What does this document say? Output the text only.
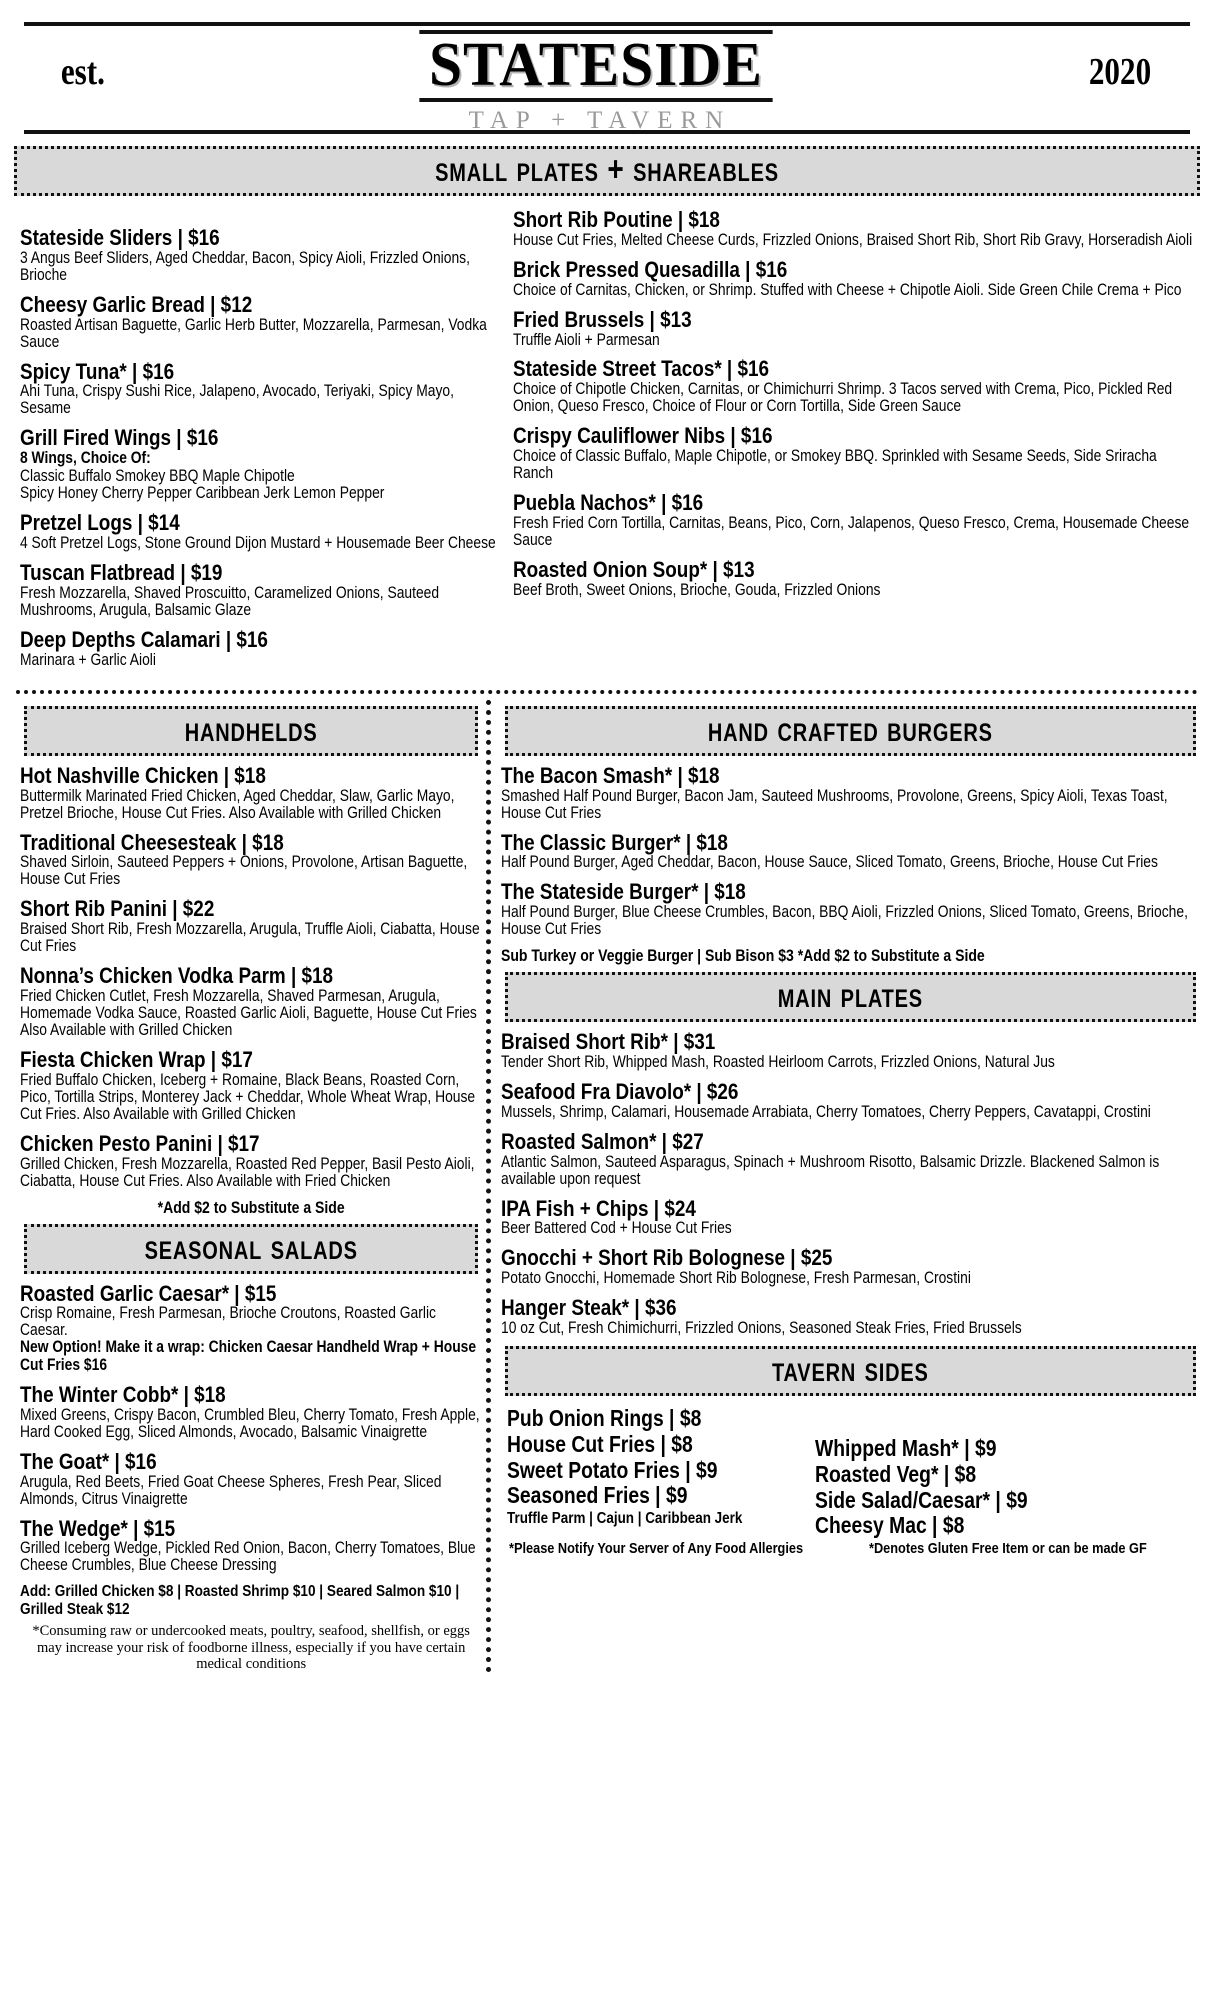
est.	STATESIDE
TAP + TAVERN
2020
small plates + shareables
Stateside Sliders | $16
3 Angus Beef Sliders, Aged Cheddar, Bacon, Spicy Aioli, Frizzled Onions, Brioche
Cheesy Garlic Bread | $12
Roasted Artisan Baguette, Garlic Herb Butter, Mozzarella, Parmesan, Vodka Sauce
Spicy Tuna* | $16
Ahi Tuna, Crispy Sushi Rice, Jalapeno, Avocado, Teriyaki, Spicy Mayo, Sesame
Grill Fired Wings | $16
8 Wings, Choice Of:
Classic Buffalo Smokey BBQ Maple Chipotle
Spicy Honey Cherry Pepper Caribbean Jerk Lemon Pepper
Pretzel Logs | $14
4 Soft Pretzel Logs, Stone Ground Dijon Mustard + Housemade Beer Cheese
Tuscan Flatbread | $19
Fresh Mozzarella, Shaved Proscuitto, Caramelized Onions, Sauteed Mushrooms, Arugula, Balsamic Glaze
Deep Depths Calamari | $16
Marinara + Garlic Aioli
Short Rib Poutine | $18
House Cut Fries, Melted Cheese Curds, Frizzled Onions, Braised Short Rib, Short Rib Gravy, Horseradish Aioli
Brick Pressed Quesadilla | $16
Choice of Carnitas, Chicken, or Shrimp. Stuffed with Cheese + Chipotle Aioli. Side Green Chile Crema + Pico
Fried Brussels | $13
Truffle Aioli + Parmesan
Stateside Street Tacos* | $16
Choice of Chipotle Chicken, Carnitas, or Chimichurri Shrimp. 3 Tacos served with Crema, Pico, Pickled Red Onion, Queso Fresco, Choice of Flour or Corn Tortilla, Side Green Sauce
Crispy Cauliflower Nibs | $16
Choice of Classic Buffalo, Maple Chipotle, or Smokey BBQ. Sprinkled with Sesame Seeds, Side Sriracha Ranch
Puebla Nachos* | $16
Fresh Fried Corn Tortilla, Carnitas, Beans, Pico, Corn, Jalapenos, Queso Fresco, Crema, Housemade Cheese Sauce
Roasted Onion Soup* | $13
Beef Broth, Sweet Onions, Brioche, Gouda, Frizzled Onions
handhelds
Hot Nashville Chicken | $18
Buttermilk Marinated Fried Chicken, Aged Cheddar, Slaw, Garlic Mayo, Pretzel Brioche, House Cut Fries. Also Available with Grilled Chicken
Traditional Cheesesteak | $18
Shaved Sirloin, Sauteed Peppers + Onions, Provolone, Artisan Baguette, House Cut Fries
Short Rib Panini | $22
Braised Short Rib, Fresh Mozzarella, Arugula, Truffle Aioli, Ciabatta, House Cut Fries
Nonna’s Chicken Vodka Parm | $18
Fried Chicken Cutlet, Fresh Mozzarella, Shaved Parmesan, Arugula, Homemade Vodka Sauce, Roasted Garlic Aioli, Baguette, House Cut Fries Also Available with Grilled Chicken
Fiesta Chicken Wrap | $17
Fried Buffalo Chicken, Iceberg + Romaine, Black Beans, Roasted Corn, Pico, Tortilla Strips, Monterey Jack + Cheddar, Whole Wheat Wrap, House Cut Fries. Also Available with Grilled Chicken
Chicken Pesto Panini | $17
Grilled Chicken, Fresh Mozzarella, Roasted Red Pepper, Basil Pesto Aioli, Ciabatta, House Cut Fries. Also Available with Fried Chicken
*Add $2 to Substitute a Side
seasonal salads
Roasted Garlic Caesar* | $15
Crisp Romaine, Fresh Parmesan, Brioche Croutons, Roasted Garlic Caesar.
New Option! Make it a wrap: Chicken Caesar Handheld Wrap + House Cut Fries $16
The Winter Cobb* | $18
Mixed Greens, Crispy Bacon, Crumbled Bleu, Cherry Tomato, Fresh Apple, Hard Cooked Egg, Sliced Almonds, Avocado, Balsamic Vinaigrette
The Goat* | $16
Arugula, Red Beets, Fried Goat Cheese Spheres, Fresh Pear, Sliced Almonds, Citrus Vinaigrette
The Wedge* | $15
Grilled Iceberg Wedge, Pickled Red Onion, Bacon, Cherry Tomatoes, Blue Cheese Crumbles, Blue Cheese Dressing
Add: Grilled Chicken $8 | Roasted Shrimp $10 | Seared Salmon $10 | Grilled Steak $12
*Consuming raw or undercooked meats, poultry, seafood, shellfish, or eggs may increase your risk of foodborne illness, especially if you have certain medical conditions
hand crafted burgers
The Bacon Smash* | $18
Smashed Half Pound Burger, Bacon Jam, Sauteed Mushrooms, Provolone, Greens, Spicy Aioli, Texas Toast, House Cut Fries
The Classic Burger* | $18
Half Pound Burger, Aged Cheddar, Bacon, House Sauce, Sliced Tomato, Greens, Brioche, House Cut Fries
The Stateside Burger* | $18
Half Pound Burger, Blue Cheese Crumbles, Bacon, BBQ Aioli, Frizzled Onions, Sliced Tomato, Greens, Brioche, House Cut Fries
Sub Turkey or Veggie Burger | Sub Bison $3 *Add $2 to Substitute a Side
main plates
Braised Short Rib* | $31
Tender Short Rib, Whipped Mash, Roasted Heirloom Carrots, Frizzled Onions, Natural Jus
Seafood Fra Diavolo* | $26
Mussels, Shrimp, Calamari, Housemade Arrabiata, Cherry Tomatoes, Cherry Peppers, Cavatappi, Crostini
Roasted Salmon* | $27
Atlantic Salmon, Sauteed Asparagus, Spinach + Mushroom Risotto, Balsamic Drizzle. Blackened Salmon is available upon request
IPA Fish + Chips | $24
Beer Battered Cod + House Cut Fries
Gnocchi + Short Rib Bolognese | $25
Potato Gnocchi, Homemade Short Rib Bolognese, Fresh Parmesan, Crostini
Hanger Steak* | $36
10 oz Cut, Fresh Chimichurri, Frizzled Onions, Seasoned Steak Fries, Fried Brussels
tavern sides
Pub Onion Rings | $8
House Cut Fries | $8
Sweet Potato Fries | $9
Seasoned Fries | $9
Truffle Parm | Cajun | Caribbean Jerk
Whipped Mash* | $9
Roasted Veg* | $8
Side Salad/Caesar* | $9
Cheesy Mac | $8
*Please Notify Your Server of Any Food Allergies	*Denotes Gluten Free Item or can be made GF
